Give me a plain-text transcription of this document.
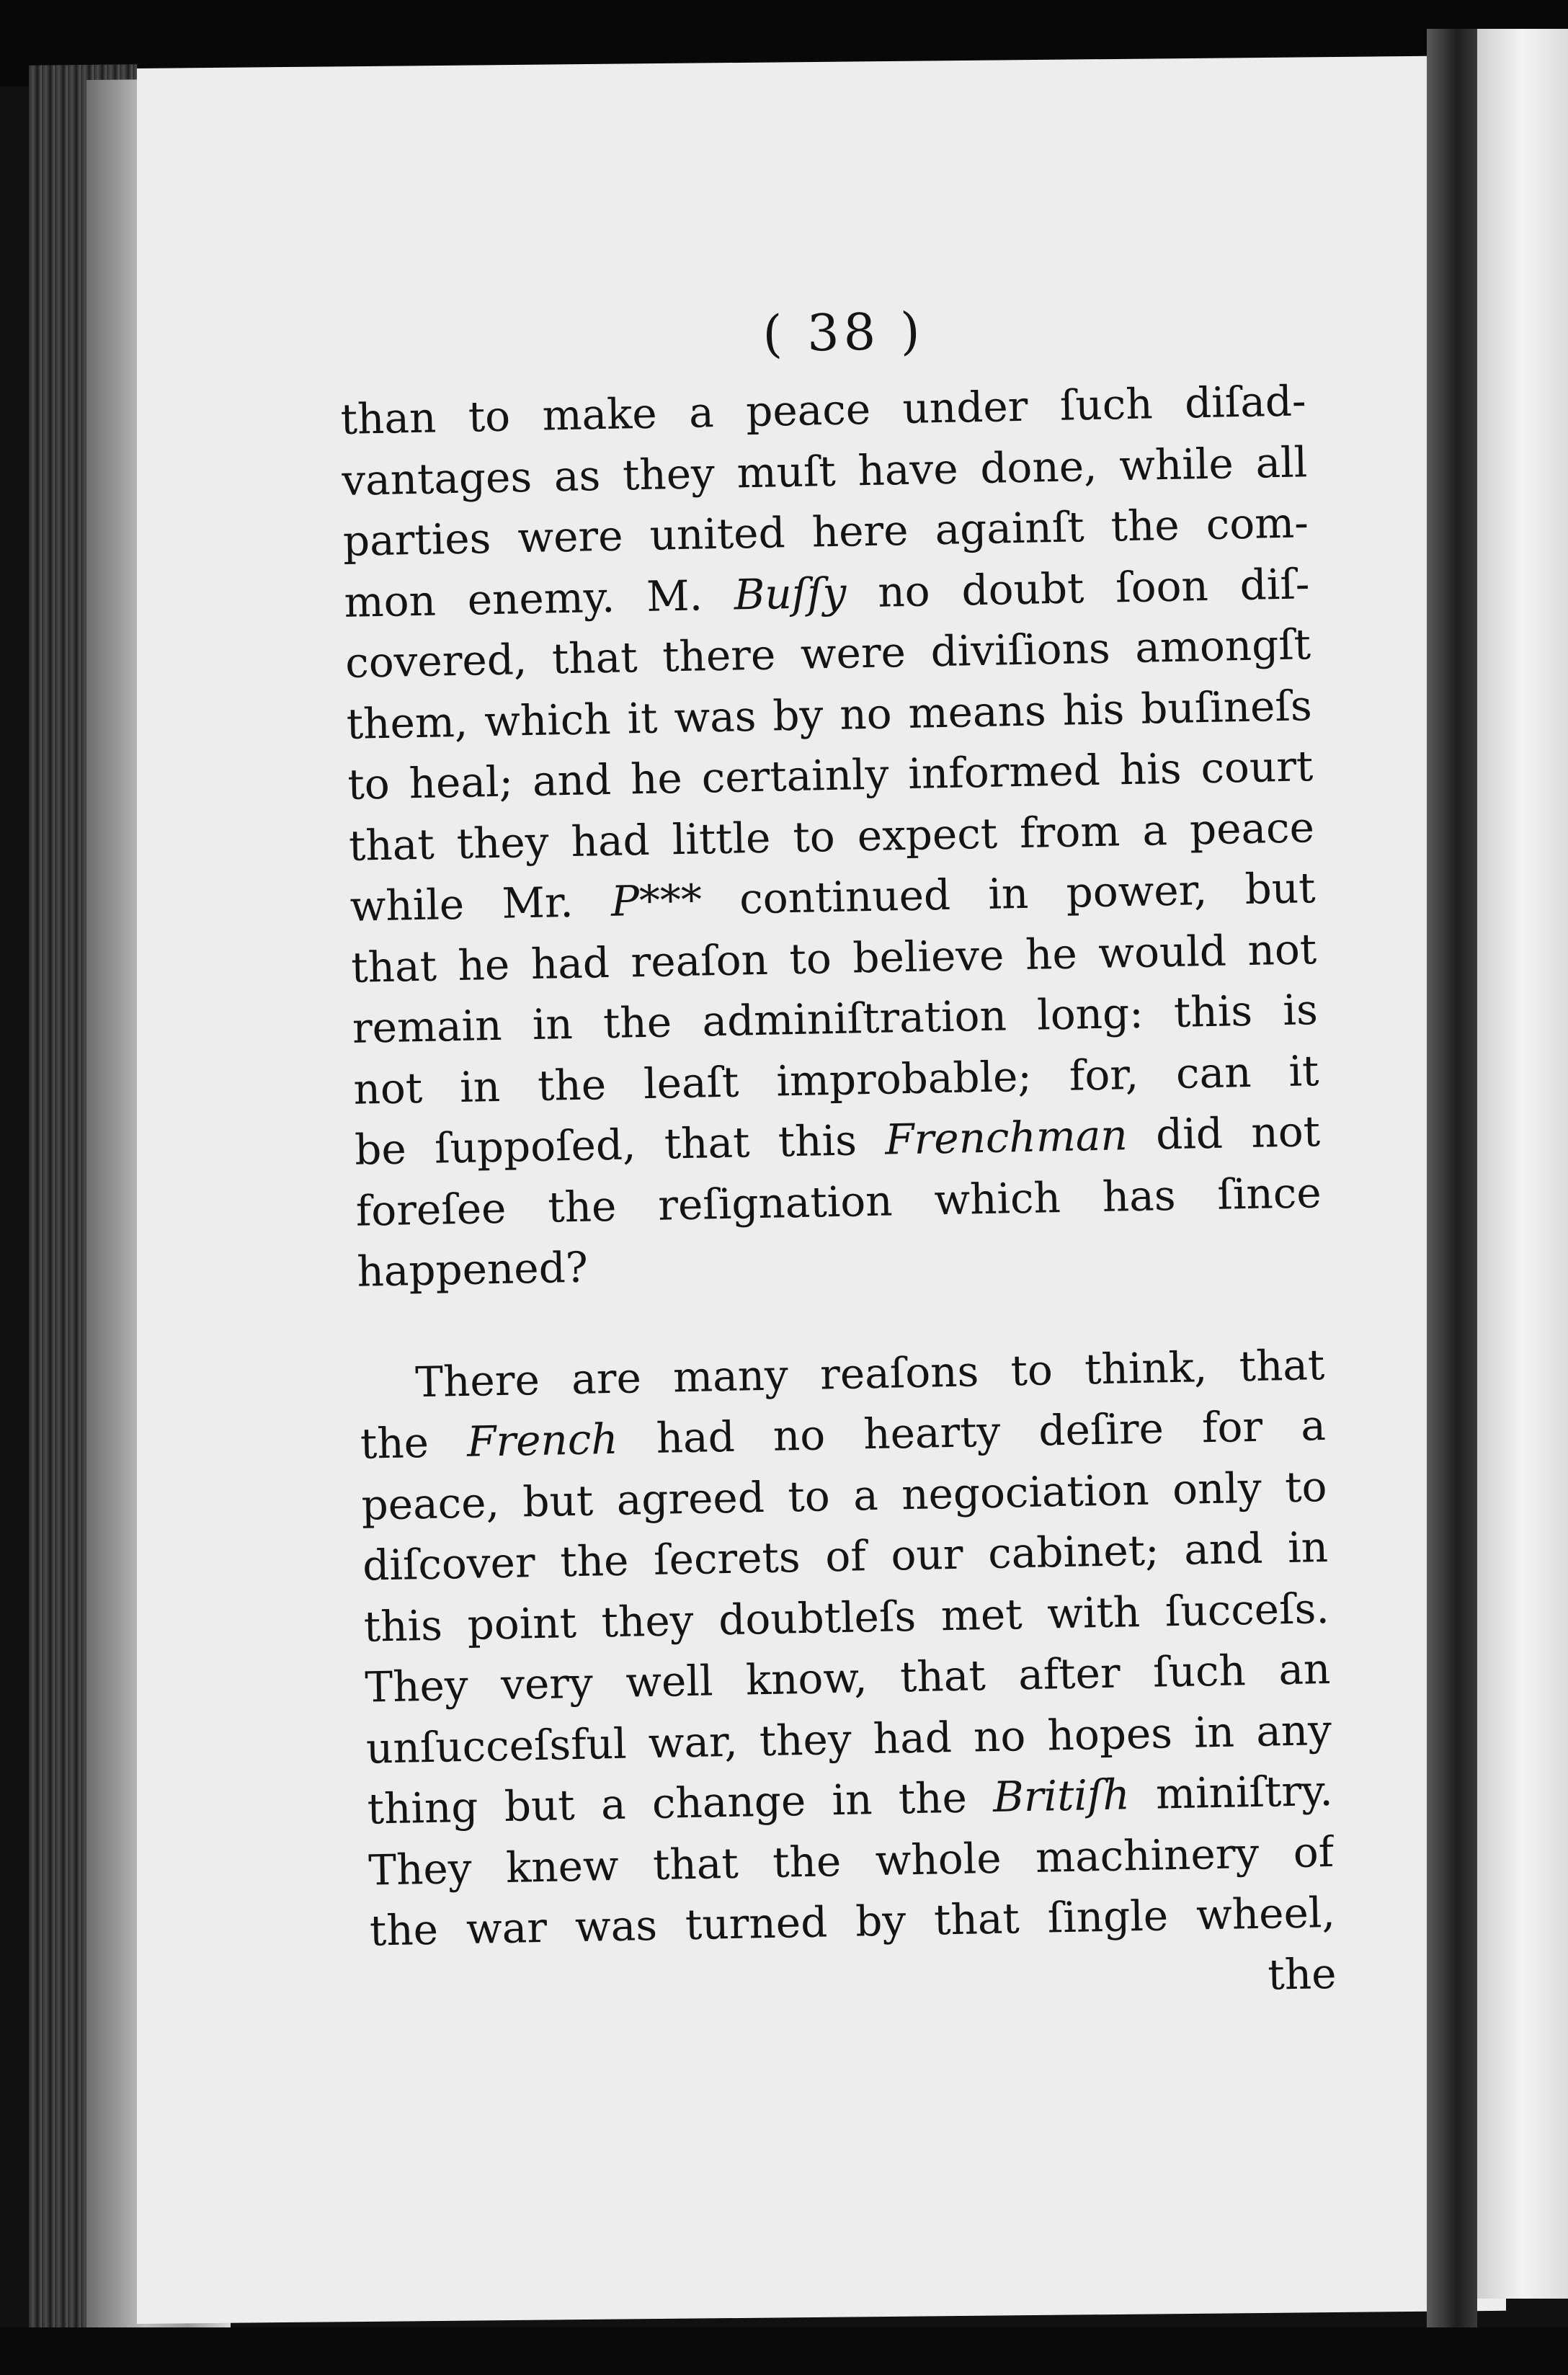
( 38 )
than to make a peace under ſuch diſad-
vantages as they muſt have done, while all
parties were united here againſt the com-
mon enemy. M. Buſſy no doubt ſoon diſ-
covered, that there were diviſions amongſt
them, which it was by no means his buſineſs
to heal; and he certainly informed his court
that they had little to expect from a peace
while Mr. P*** continued in power, but
that he had reaſon to believe he would not
remain in the adminiſtration long: this is
not in the leaſt improbable; for, can it
be ſuppoſed, that this Frenchman did not
foreſee the reſignation which has ſince
happened?
There are many reaſons to think, that
the French had no hearty deſire for a
peace, but agreed to a negociation only to
diſcover the ſecrets of our cabinet; and in
this point they doubtleſs met with ſucceſs.
They very well know, that after ſuch an
unſucceſsful war, they had no hopes in any
thing but a change in the Britiſh miniſtry.
They knew that the whole machinery of
the war was turned by that ſingle wheel,
the
